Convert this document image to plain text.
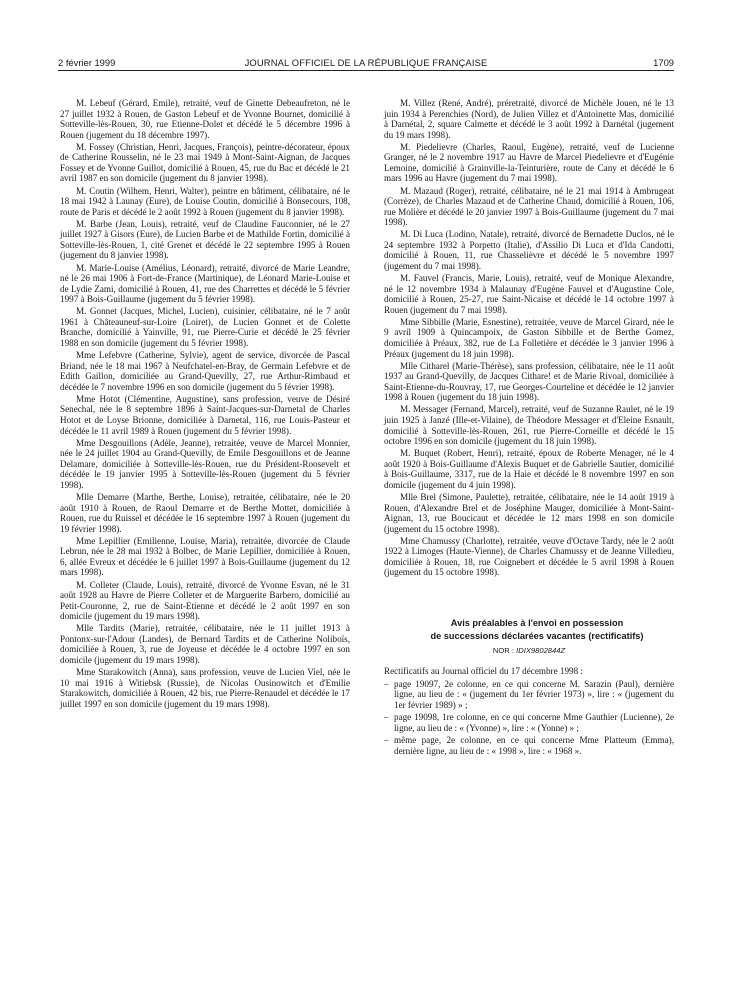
2 février 1999	JOURNAL OFFICIEL DE LA RÉPUBLIQUE FRANÇAISE	1709

M. Lebeuf (Gérard, Emile), retraité, veuf de Ginette Debeaufreton, né le 27 juillet 1932 à Rouen, de Gaston Lebeuf et de Yvonne Bournet, domicilié à Sotteville-lès-Rouen, 30, rue Etienne-Dolet et décédé le 5 décembre 1996 à Rouen (jugement du 18 décembre 1997).

M. Fossey (Christian, Henri, Jacques, François), peintre-décorateur, époux de Catherine Rousselin, né le 23 mai 1949 à Mont-Saint-Aignan, de Jacques Fossey et de Yvonne Guillot, domicilié à Rouen, 45, rue du Bac et décédé le 21 avril 1987 en son domicile (jugement du 8 janvier 1998).

M. Coutin (Wilhem, Henri, Walter), peintre en bâtiment, célibataire, né le 18 mai 1942 à Launay (Eure), de Louise Coutin, domicilié à Bonsecours, 108, route de Paris et décédé le 2 août 1992 à Rouen (jugement du 8 janvier 1998).

M. Barbe (Jean, Louis), retraité, veuf de Claudine Fauconnier, né le 27 juillet 1927 à Gisors (Eure), de Lucien Barbe et de Mathilde Fortin, domicilié à Sotteville-lès-Rouen, 1, cité Grenet et décédé le 22 septembre 1995 à Rouen (jugement du 8 janvier 1998).

M. Marie-Louise (Amélius, Léonard), retraité, divorcé de Marie Leandre, né le 26 mai 1906 à Fort-de-France (Martinique), de Léonard Marie-Louise et de Lydie Zami, domicilié à Rouen, 41, rue des Charrettes et décédé le 5 février 1997 à Bois-Guillaume (jugement du 5 février 1998).

M. Gonnet (Jacques, Michel, Lucien), cuisinier, célibataire, né le 7 août 1961 à Châteauneuf-sur-Loire (Loiret), de Lucien Gonnet et de Colette Branche, domicilié à Yainville, 91, rue Pierre-Curie et décédé le 25 février 1988 en son domicile (jugement du 5 février 1998).

Mme Lefebvre (Catherine, Sylvie), agent de service, divorcée de Pascal Briand, née le 18 mai 1967 à Neufchatel-en-Bray, de Germain Lefebvre et de Edith Gaillon, domiciliée au Grand-Quevilly, 27, rue Arthur-Rimbaud et décédée le 7 novembre 1996 en son domicile (jugement du 5 février 1998).

Mme Hotot (Clémentine, Augustine), sans profession, veuve de Désiré Senechal, née le 8 septembre 1896 à Saint-Jacques-sur-Darnetal de Charles Hotot et de Loyse Brionne, domiciliée à Darnetal, 116, rue Louis-Pasteur et décédée le 11 avril 1989 à Rouen (jugement du 5 février 1998).

Mme Desgouillons (Adèle, Jeanne), retraitée, veuve de Marcel Monnier, née le 24 juillet 1904 au Grand-Quevilly, de Emile Desgouillons et de Jeanne Delamare, domiciliée à Sotteville-lès-Rouen, rue du Président-Roosevelt et décédée le 19 janvier 1995 à Sotteville-lès-Rouen (jugement du 5 février 1998).

Mlle Demarre (Marthe, Berthe, Louise), retraitée, célibataire, née le 20 août 1910 à Rouen, de Raoul Demarre et de Berthe Mottet, domiciliée à Rouen, rue du Ruissel et décédée le 16 septembre 1997 à Rouen (jugement du 19 février 1998).

Mme Lepillier (Emilienne, Louise, Maria), retraitée, divorcée de Claude Lebrun, née le 28 mai 1932 à Bolbec, de Marie Lepillier, domiciliée à Rouen, 6, allée Evreux et décédée le 6 juillet 1997 à Bois-Guillaume (jugement du 12 mars 1998).

M. Colleter (Claude, Louis), retraité, divorcé de Yvonne Esvan, né le 31 août 1928 au Havre de Pierre Colleter et de Marguerite Barbero, domicilié au Petit-Couronne, 2, rue de Saint-Etienne et décédé le 2 août 1997 en son domicile (jugement du 19 mars 1998).

Mlle Tardits (Marie), retraitée, célibataire, née le 11 juillet 1913 à Pontonx-sur-l'Adour (Landes), de Bernard Tardits et de Catherine Noliboïs, domiciliée à Rouen, 3, rue de Joyeuse et décédée le 4 octobre 1997 en son domicile (jugement du 19 mars 1998).

Mme Starakowitch (Anna), sans profession, veuve de Lucien Viel, née le 10 mai 1916 à Witiebsk (Russie), de Nicolas Ousinowitch et d'Emilie Starakowitch, domiciliée à Rouen, 42 bis, rue Pierre-Renaudel et décédée le 17 juillet 1997 en son domicile (jugement du 19 mars 1998).

M. Villez (René, André), préretraité, divorcé de Michèle Jouen, né le 13 juin 1934 à Perenchies (Nord), de Julien Villez et d'Antoinette Mas, domicilié à Darnétal, 2, square Calmette et décédé le 3 août 1992 à Darnétal (jugement du 19 mars 1998).

M. Piedelievre (Charles, Raoul, Eugène), retraité, veuf de Lucienne Granger, né le 2 novembre 1917 au Havre de Marcel Piedelievre et d'Eugénie Lemoine, domicilié à Grainville-la-Teinturière, route de Cany et décédé le 6 mars 1996 au Havre (jugement du 7 mai 1998).

M. Mazaud (Roger), retraité, célibataire, né le 21 mai 1914 à Ambrugeat (Corrèze), de Charles Mazaud et de Catherine Chaud, domicilié à Rouen, 106, rue Molière et décédé le 20 janvier 1997 à Bois-Guillaume (jugement du 7 mai 1998).

M. Di Luca (Lodino, Natale), retraité, divorcé de Bernadette Duclos, né le 24 septembre 1932 à Porpetto (Italie), d'Assilio Di Luca et d'Ida Candotti, domicilié à Rouen, 11, rue Chasselièvre et décédé le 5 novembre 1997 (jugement du 7 mai 1998).

M. Fauvel (Francis, Marie, Louis), retraité, veuf de Monique Alexandre, né le 12 novembre 1934 à Malaunay d'Eugène Fauvel et d'Augustine Cole, domicilié à Rouen, 25-27, rue Saint-Nicaise et décédé le 14 octobre 1997 à Rouen (jugement du 7 mai 1998).

Mme Sibbille (Marie, Esnestine), retraitée, veuve de Marcel Girard, née le 9 avril 1909 à Quincampoix, de Gaston Sibbille et de Berthe Gomez, domiciliée à Préaux, 382, rue de La Folletière et décédée le 3 janvier 1996 à Préaux (jugement du 18 juin 1998).

Mlle Citharel (Marie-Thérèse), sans profession, célibataire, née le 11 août 1937 au Grand-Quevilly, de Jacques Cithare! et de Marie Rivoal, domiciliée à Saint-Etienne-du-Rouvray, 17, rue Georges-Courteline et décédée le 12 janvier 1998 à Rouen (jugement du 18 juin 1998).

M. Messager (Fernand, Marcel), retraité, veuf de Suzanne Raulet, né le 19 juin 1925 à Janzé (Ille-et-Vilaine), de Théodore Messager et d'Eleine Esnault, domicilié à Sotteville-lès-Rouen, 261, rue Pierre-Corneille et décédé le 15 octobre 1996 en son domicile (jugement du 18 juin 1998).

M. Buquet (Robert, Henri), retraité, époux de Roberte Menager, né le 4 août 1920 à Bois-Guillaume d'Alexis Buquet et de Gabrielle Sautier, domicilié à Bois-Guillaume, 3317, rue de la Haie et décédé le 8 novembre 1997 en son domicile (jugement du 4 juin 1998).

Mlle Brel (Simone, Paulette), retraitée, célibataire, née le 14 août 1919 à Rouen, d'Alexandre Brel et de Joséphine Mauger, domiciliée à Mont-Saint-Aignan, 13, rue Boucicaut et décédée le 12 mars 1998 en son domicile (jugement du 15 octobre 1998).

Mme Chamussy (Charlotte), retraitée, veuve d'Octave Tardy, née le 2 août 1922 à Limoges (Haute-Vienne), de Charles Chamussy et de Jeanne Villedieu, domiciliée à Rouen, 18, rue Coignebert et décédée le 5 avril 1998 à Rouen (jugement du 15 octobre 1998).

Avis préalables à l'envoi en possession

de successions déclarées vacantes (rectificatifs)

NOR : IDIX9802844Z

Rectificatifs au Journal officiel du 17 décembre 1998 :

– page 19097, 2e colonne, en ce qui concerne M. Sarazin (Paul), dernière ligne, au lieu de : « (jugement du 1er février 1973) », lire : « (jugement du 1er février 1989) » ;
– page 19098, 1re colonne, en ce qui concerne Mme Gauthier (Lucienne), 2e ligne, au lieu de : « (Yvonne) », lire : « (Yonne) » ;
– même page, 2e colonne, en ce qui concerne Mme Platteum (Emma), dernière ligne, au lieu de : « 1998 », lire : « 1968 ».
